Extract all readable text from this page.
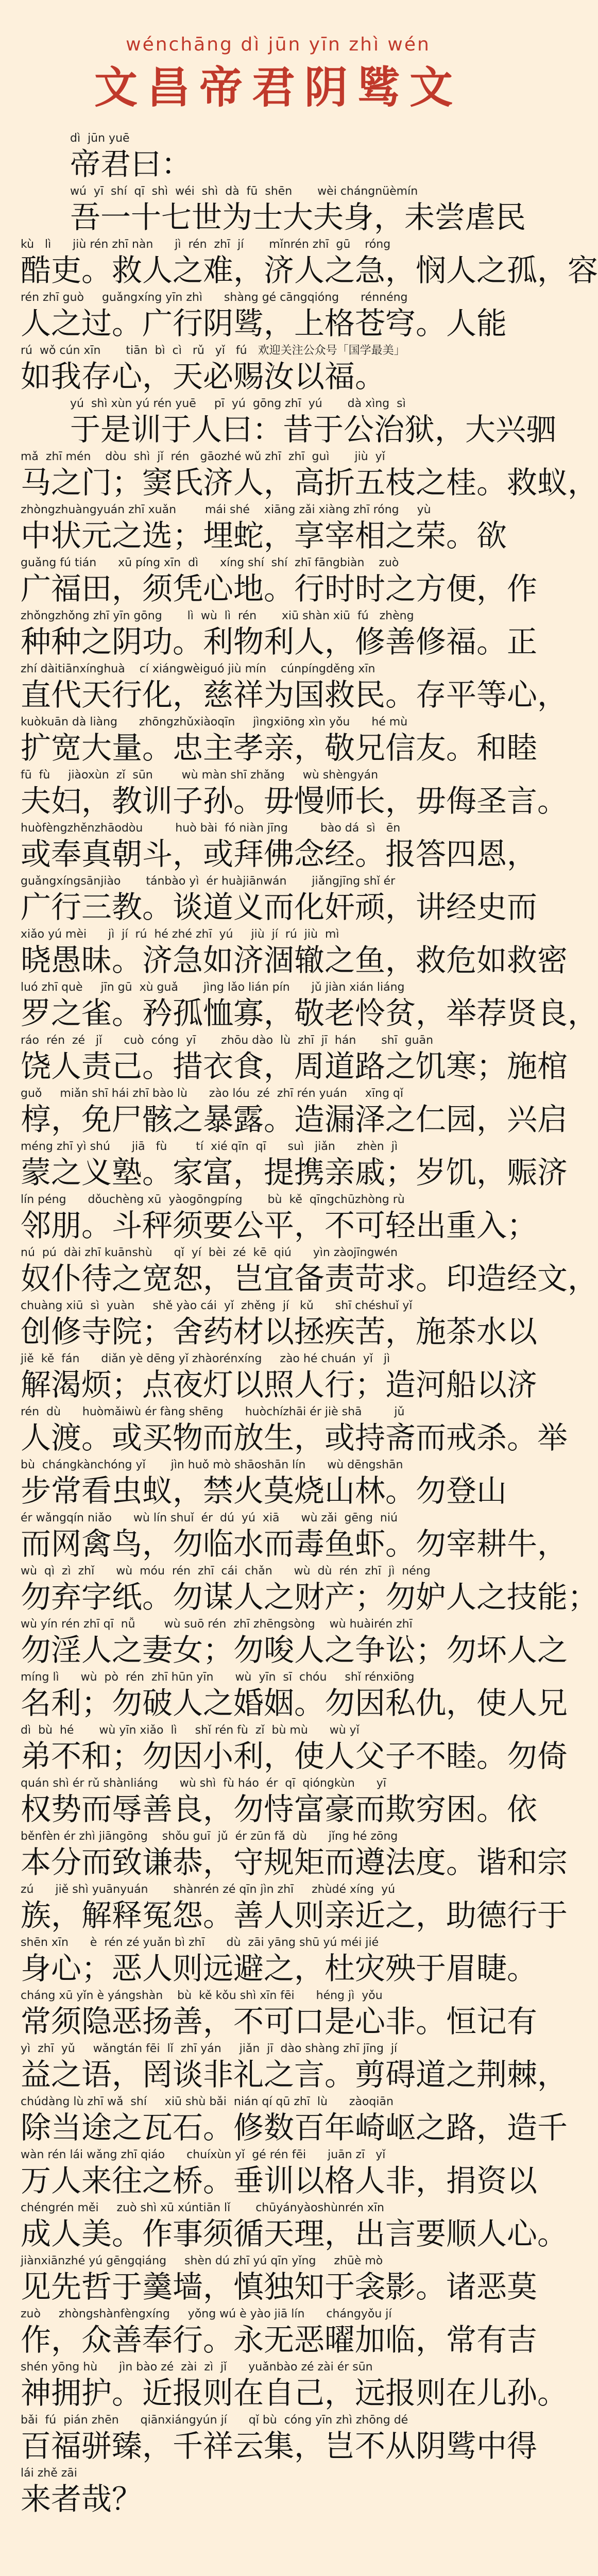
wénchāng dì jūn yīn zhì wén
文昌帝君阴骘文
dì  jūn yuē
帝君曰：
wú  yī  shí  qī  shì  wéi  shì  dà  fū  shēn       wèi chángnüèmín
吾一十七世为士大夫身，未尝虐民
kù   lì      jiù rén zhī nàn      jì  rén  zhī  jí       mǐnrén zhī  gū    róng
酷吏。救人之难，济人之急，悯人之孤，容
rén zhī guò     guǎngxíng yīn zhì      shàng gé cāngqióng      rénnéng
人之过。广行阴骘，上格苍穹。人能
rú  wǒ cún xīn       tiān  bì  cì   rǔ   yǐ   fú   欢迎关注公众号「国学最美」
如我存心，天必赐汝以福。
yú  shì xùn yú rén yuē     pī  yú  gōng zhī  yú       dà xìng  sì
于是训于人曰：昔于公治狱，大兴驷
mǎ  zhī mén    dòu  shì  jǐ  rén   gāozhé wǔ zhī  zhī  guì       jiù  yǐ
马之门；窦氏济人，高折五枝之桂。救蚁，
zhòngzhuàngyuán zhī xuǎn        mái shé    xiāng zǎi xiàng zhī róng     yù
中状元之选；埋蛇，享宰相之荣。欲
guǎng fú tián      xū píng xīn  dì      xíng shí  shí  zhī fāngbiàn    zuò
广福田，须凭心地。行时时之方便，作
zhǒngzhǒng zhī yīn gōng       lì  wù  lì  rén       xiū shàn xiū  fú   zhèng
种种之阴功。利物利人，修善修福。正
zhí dàitiānxínghuà    cí xiángwèiguó jiù mín    cúnpíngděng xīn
直代天行化，慈祥为国救民。存平等心，
kuòkuān dà liàng      zhōngzhǔxiàoqīn     jìngxiōng xìn yǒu      hé mù
扩宽大量。忠主孝亲，敬兄信友。和睦
fū  fù     jiàoxùn  zǐ  sūn        wù màn shī zhǎng     wù shèngyán
夫妇，教训子孙。毋慢师长，毋侮圣言。
huòfèngzhěnzhāodòu         huò bài  fó niàn jīng         bào dá  sì   ēn
或奉真朝斗，或拜佛念经。报答四恩，
guǎngxíngsānjiào       tánbào yì  ér huàjiānwán       jiǎngjīng shǐ ér
广行三教。谈道义而化奸顽，讲经史而
xiǎo yú mèi      jì  jí  rú  hé zhé zhī  yú     jiù  jí  rú  jiù  mì
晓愚昧。济急如济涸辙之鱼，救危如救密
luó zhī què     jīn gū  xù guǎ       jìng lǎo lián pín      jǔ jiàn xián liáng
罗之雀。矜孤恤寡，敬老怜贫，举荐贤良，
ráo  rén  zé   jǐ      cuò  cóng  yī       zhōu dào  lù  zhī  jī  hán       shī  guān
饶人责己。措衣食，周道路之饥寒；施棺
guǒ     miǎn shī hái zhī bào lù      zào lóu  zé  zhī rén yuán     xīng qǐ
椁，免尸骸之暴露。造漏泽之仁园，兴启
méng zhī yì shú      jiā   fù        tí  xié qīn  qī      suì   jiǎn      zhèn  jì
蒙之义塾。家富，提携亲戚；岁饥，赈济
lín péng      dǒuchèng xū  yàogōngpíng       bù  kě  qīngchūzhòng rù
邻朋。斗秤须要公平，不可轻出重入；
nú  pú  dài zhī kuānshù      qǐ  yí  bèi  zé  kē  qiú      yìn zàojīngwén
奴仆待之宽恕，岂宜备责苛求。印造经文，
chuàng xiū  sì  yuàn     shě yào cái  yǐ  zhěng  jí   kǔ      shī chéshuǐ yǐ
创修寺院；舍药材以拯疾苦，施茶水以
jiě  kě  fán      diǎn yè dēng yǐ zhàorénxíng     zào hé chuán  yǐ   jì
解渴烦；点夜灯以照人行；造河船以济
rén  dù      huòmǎiwù ér fàng shēng      huòchízhāi ér jiè shā         jǔ
人渡。或买物而放生，或持斋而戒杀。举
bù  chángkànchóng yǐ       jìn huǒ mò shāoshān lín      wù dēngshān
步常看虫蚁，禁火莫烧山林。勿登山
ér wǎngqín niǎo      wù lín shuǐ  ér  dú  yú  xiā      wù zǎi  gēng  niú
而网禽鸟，勿临水而毒鱼虾。勿宰耕牛，
wù  qì  zì  zhǐ      wù  móu  rén  zhī  cái  chǎn      wù  dù  rén  zhī  jì  néng
勿弃字纸。勿谋人之财产；勿妒人之技能；
wù yín rén zhī qī  nǚ        wù suō rén  zhī zhēngsòng    wù huàirén zhī
勿淫人之妻女；勿唆人之争讼；勿坏人之
míng lì      wù  pò  rén  zhī hūn yīn      wù  yīn  sī  chóu     shǐ rénxiōng
名利；勿破人之婚姻。勿因私仇，使人兄
dì  bù  hé       wù yīn xiǎo  lì     shǐ rén fù  zǐ  bù mù      wù yǐ
弟不和；勿因小利，使人父子不睦。勿倚
quán shì ér rǔ shànliáng      wù shì  fù háo  ér  qī  qióngkùn      yī
权势而辱善良，勿恃富豪而欺穷困。依
běnfèn ér zhì jiāngōng    shǒu guī  jǔ  ér zūn fǎ  dù      jǐng hé zōng
本分而致谦恭，守规矩而遵法度。谐和宗
zú      jiě shì yuānyuán       shànrén zé qīn jìn zhī     zhùdé xíng  yú
族，解释冤怨。善人则亲近之，助德行于
shēn xīn      è  rén zé yuǎn bì zhī      dù  zāi yāng shū yú méi jié
身心；恶人则远避之，杜灾殃于眉睫。
cháng xū yǐn è yángshàn    bù  kě kǒu shì xīn fēi      héng jì  yǒu
常须隐恶扬善，不可口是心非。恒记有
yì  zhī  yǔ     wǎngtán fēi  lǐ  zhī yán     jiǎn  jī  dào shàng zhī jīng  jí
益之语，罔谈非礼之言。剪碍道之荆棘，
chúdàng lù zhī wǎ  shí     xiū shù bǎi  nián qí qū zhī  lù      zàoqiān
除当途之瓦石。修数百年崎岖之路，造千
wàn rén lái wǎng zhī qiáo      chuíxùn yǐ  gé rén fēi      juān zī   yǐ
万人来往之桥。垂训以格人非，捐资以
chéngrén měi     zuò shì xū xúntiān lǐ       chūyányàoshùnrén xīn
成人美。作事须循天理，出言要顺人心。
jiànxiānzhé yú gēngqiáng     shèn dú zhī yú qīn yǐng     zhūè mò
见先哲于羹墙，慎独知于衾影。诸恶莫
zuò     zhòngshànfèngxíng     yǒng wú è yào jiā lín      chángyǒu jí
作，众善奉行。永无恶曜加临，常有吉
shén yōng hù      jìn bào zé  zài  zì  jǐ      yuǎnbào zé zài ér sūn
神拥护。近报则在自己，远报则在儿孙。
bǎi  fú  pián zhēn      qiānxiángyún jí      qǐ bù  cóng yīn zhì zhōng dé
百福骈臻，千祥云集，岂不从阴骘中得
lái zhě zāi
来者哉？
